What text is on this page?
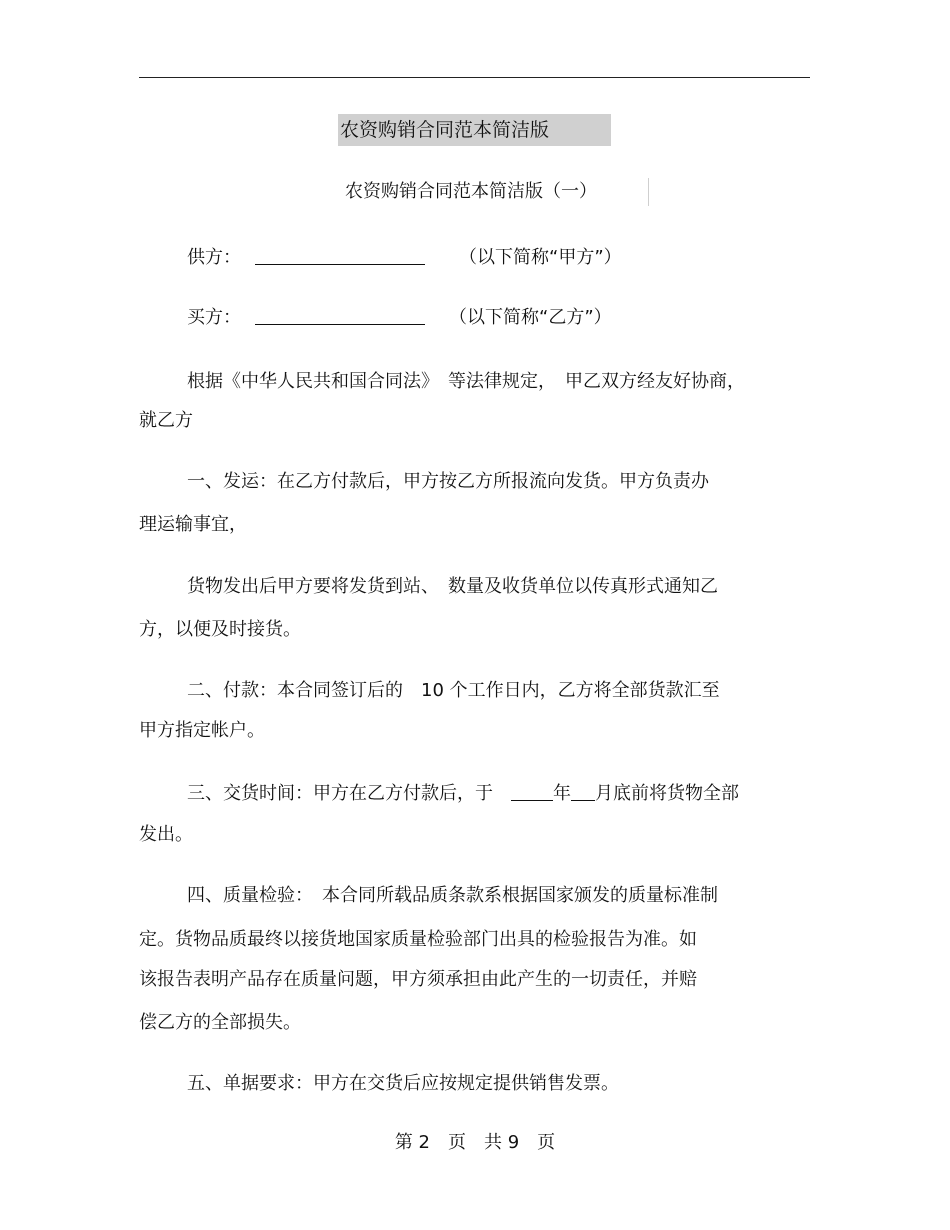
农资购销合同范本简洁版
农资购销合同范本简洁版（一）
供方：	（以下简称“甲方”）
买方：	（以下简称“乙方”）
根据《中华人民共和国合同法》　等法律规定，　甲乙双方经友好协商，
就乙方
一、发运：在乙方付款后，甲方按乙方所报流向发货。甲方负责办
理运输事宜，
货物发出后甲方要将发货到站、　数量及收货单位以传真形式通知乙
方，以便及时接货。
二、付款：本合同签订后的　10 个工作日内，乙方将全部货款汇至
甲方指定帐户。
三、交货时间：甲方在乙方付款后，于　年 月底前将货物全部
发出。
四、质量检验：　本合同所载品质条款系根据国家颁发的质量标准制
定。货物品质最终以接货地国家质量检验部门出具的检验报告为准。如
该报告表明产品存在质量问题，甲方须承担由此产生的一切责任，并赔
偿乙方的全部损失。
五、单据要求：甲方在交货后应按规定提供销售发票。
第 2　页　共 9　页
